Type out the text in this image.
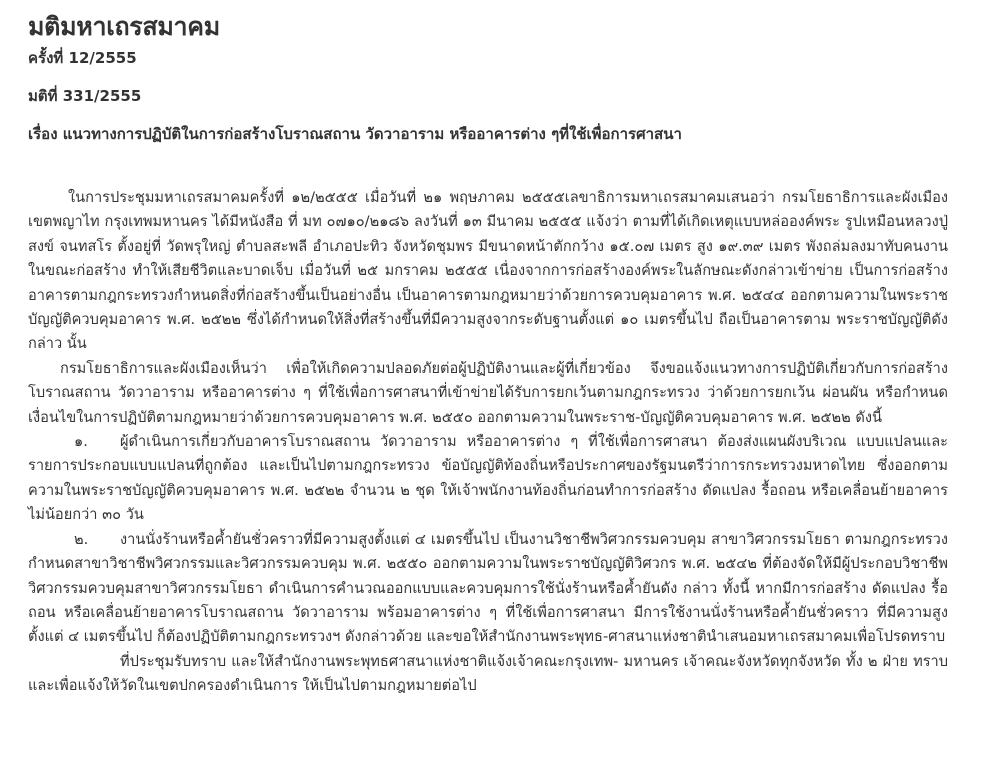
มติมหาเถรสมาคม

ครั้งที่ 12/2555

มติที่ 331/2555

เรื่อง แนวทางการปฏิบัติในการก่อสร้างโบราณสถาน วัดวาอาราม หรืออาคารต่าง ๆที่ใช้เพื่อการศาสนา

ในการประชุมมหาเถรสมาคมครั้งที่ ๑๒/๒๕๕๕ เมื่อวันที่ ๒๑ พฤษภาคม ๒๕๕๕เลขาธิการมหาเถรสมาคมเสนอว่า กรมโยธาธิการและผังเมือง เขตพญาไท กรุงเทพมหานคร ได้มีหนังสือ ที่ มท ๐๗๑๐/๒๑๘๖ ลงวันที่ ๑๓ มีนาคม ๒๕๕๕ แจ้งว่า ตามที่ได้เกิดเหตุแบบหล่อองค์พระ รูปเหมือนหลวงปู่สงข์ จนทสโร ตั้งอยู่ที่ วัดพรุใหญ่ ตำบลสะพลี อำเภอปะทิว จังหวัดชุมพร มีขนาดหน้าตักกว้าง ๑๕.๐๗ เมตร สูง ๑๙.๓๙ เมตร พังถล่มลงมาทับคนงานในขณะก่อสร้าง ทำให้เสียชีวิตและบาดเจ็บ เมื่อวันที่ ๒๕ มกราคม ๒๕๕๕ เนื่องจากการก่อสร้างองค์พระในลักษณะดังกล่าวเข้าข่าย เป็นการก่อสร้างอาคารตามกฎกระทรวงกำหนดสิ่งที่ก่อสร้างขึ้นเป็นอย่างอื่น เป็นอาคารตามกฎหมายว่าด้วยการควบคุมอาคาร พ.ศ. ๒๕๔๔ ออกตามความในพระราชบัญญัติควบคุมอาคาร พ.ศ. ๒๕๒๒ ซึ่งได้กำหนดให้สิ่งที่สร้างขึ้นที่มีความสูงจากระดับฐานตั้งแต่ ๑๐ เมตรขึ้นไป ถือเป็นอาคารตาม พระราชบัญญัติดังกล่าว นั้น

กรมโยธาธิการและผังเมืองเห็นว่า เพื่อให้เกิดความปลอดภัยต่อผู้ปฏิบัติงานและผู้ที่เกี่ยวข้อง จึงขอแจ้งแนวทางการปฏิบัติเกี่ยวกับการก่อสร้างโบราณสถาน วัดวาอาราม หรืออาคารต่าง ๆ ที่ใช้เพื่อการศาสนาที่เข้าข่ายได้รับการยกเว้นตามกฎกระทรวง ว่าด้วยการยกเว้น ผ่อนผัน หรือกำหนดเงื่อนไขในการปฏิบัติตามกฎหมายว่าด้วยการควบคุมอาคาร พ.ศ. ๒๕๕๐ ออกตามความในพระราช-บัญญัติควบคุมอาคาร พ.ศ. ๒๕๒๒ ดังนี้

๑. ผู้ดำเนินการเกี่ยวกับอาคารโบราณสถาน วัดวาอาราม หรืออาคารต่าง ๆ ที่ใช้เพื่อการศาสนา ต้องส่งแผนผังบริเวณ แบบแปลนและรายการประกอบแบบแปลนที่ถูกต้อง และเป็นไปตามกฎกระทรวง ข้อบัญญัติท้องถิ่นหรือประกาศของรัฐมนตรีว่าการกระทรวงมหาดไทย ซึ่งออกตามความในพระราชบัญญัติควบคุมอาคาร พ.ศ. ๒๕๒๒ จำนวน ๒ ชุด ให้เจ้าพนักงานท้องถิ่นก่อนทำการก่อสร้าง ดัดแปลง รื้อถอน หรือเคลื่อนย้ายอาคาร ไม่น้อยกว่า ๓๐ วัน

๒. งานนั่งร้านหรือค้ำยันชั่วคราวที่มีความสูงตั้งแต่ ๔ เมตรขึ้นไป เป็นงานวิชาชีพวิศวกรรมควบคุม สาขาวิศวกรรมโยธา ตามกฎกระทรวงกำหนดสาขาวิชาชีพวิศวกรรมและวิศวกรรมควบคุม พ.ศ. ๒๕๕๐ ออกตามความในพระราชบัญญัติวิศวกร พ.ศ. ๒๕๔๒ ที่ต้องจัดให้มีผู้ประกอบวิชาชีพวิศวกรรมควบคุมสาขาวิศวกรรมโยธา ดำเนินการคำนวณออกแบบและควบคุมการใช้นั่งร้านหรือค้ำยันดัง กล่าว ทั้งนี้ หากมีการก่อสร้าง ดัดแปลง รื้อถอน หรือเคลื่อนย้ายอาคารโบราณสถาน วัดวาอาราม พร้อมอาคารต่าง ๆ ที่ใช้เพื่อการศาสนา มีการใช้งานนั่งร้านหรือค้ำยันชั่วคราว ที่มีความสูงตั้งแต่ ๔ เมตรขึ้นไป ก็ต้องปฏิบัติตามกฎกระทรวงฯ ดังกล่าวด้วย และขอให้สำนักงานพระพุทธ-ศาสนาแห่งชาตินำเสนอมหาเถรสมาคมเพื่อโปรดทราบ

ที่ประชุมรับทราบ และให้สำนักงานพระพุทธศาสนาแห่งชาติแจ้งเจ้าคณะกรุงเทพ- มหานคร เจ้าคณะจังหวัดทุกจังหวัด ทั้ง ๒ ฝ่าย ทราบ และเพื่อแจ้งให้วัดในเขตปกครองดำเนินการ ให้เป็นไปตามกฎหมายต่อไป
